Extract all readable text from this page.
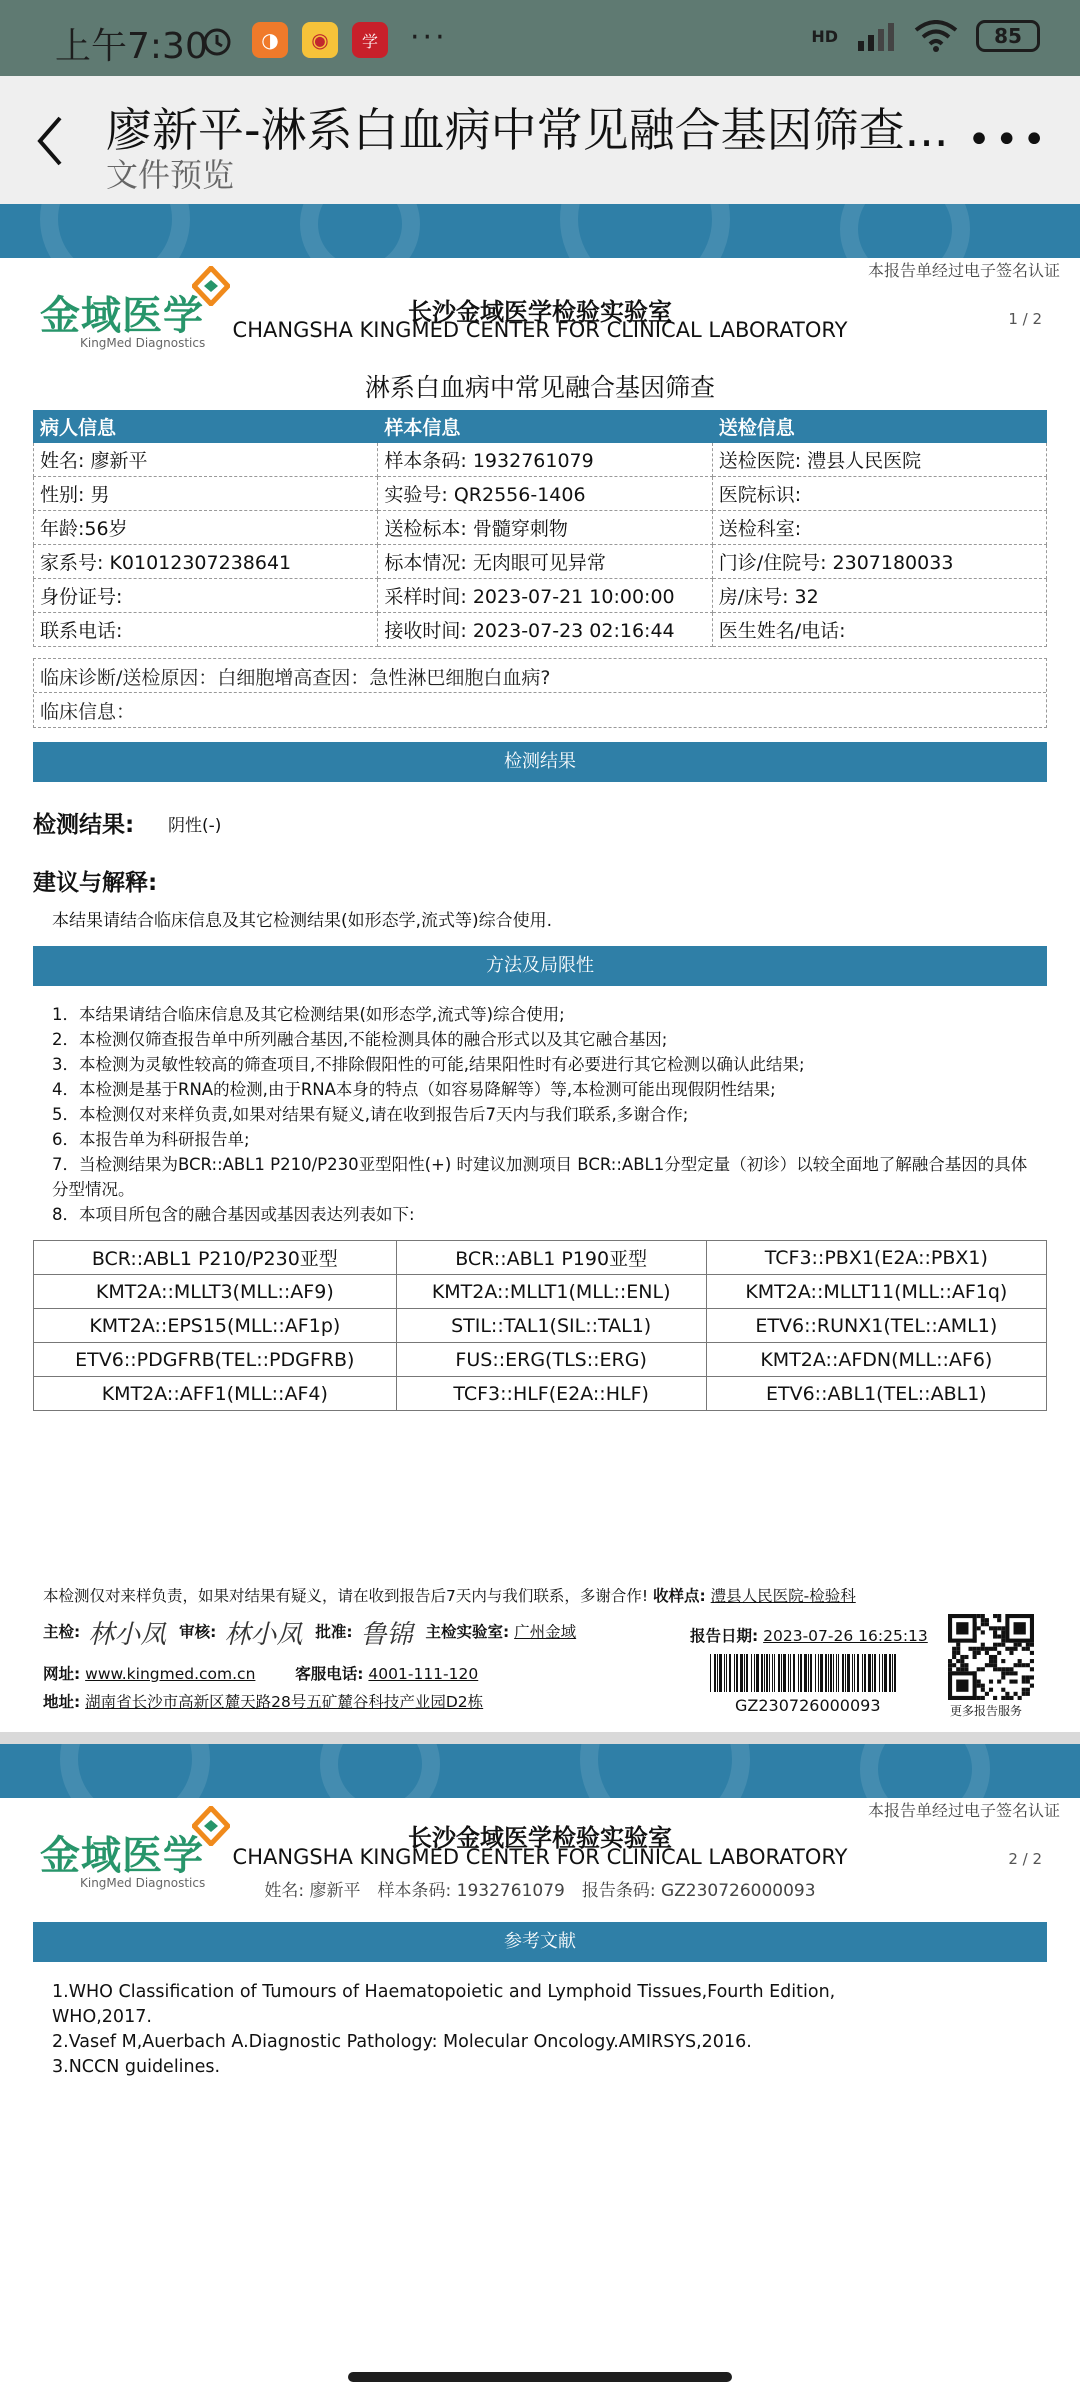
上午7:30	◑	◉	学 ···	HD	85
廖新平-淋系白血病中常见融合基因筛查...
文件预览
•••
本报告单经过电子签名认证
金域医学
KingMed Diagnostics
长沙金域医学检验实验室
CHANGSHA KINGMED CENTER FOR CLINICAL LABORATORY	1 / 2
淋系白血病中常见融合基因筛查
病人信息	样本信息	送检信息
姓名: 廖新平	样本条码: 1932761079	送检医院: 澧县人民医院
性别: 男	实验号: QR2556-1406	医院标识:
年龄:56岁	送检标本: 骨髓穿刺物	送检科室:
家系号: K01012307238641	标本情况: 无肉眼可见异常	门诊/住院号: 2307180033
身份证号:	采样时间: 2023-07-21 10:00:00	房/床号: 32
联系电话:	接收时间: 2023-07-23 02:16:44	医生姓名/电话:
临床诊断/送检原因：白细胞增高查因：急性淋巴细胞白血病?
临床信息：
检测结果
检测结果: 阴性(-)
建议与解释:
本结果请结合临床信息及其它检测结果(如形态学,流式等)综合使用.
方法及局限性
1．本结果请结合临床信息及其它检测结果(如形态学,流式等)综合使用;
2．本检测仅筛查报告单中所列融合基因,不能检测具体的融合形式以及其它融合基因;
3．本检测为灵敏性较高的筛查项目,不排除假阳性的可能,结果阳性时有必要进行其它检测以确认此结果;
4．本检测是基于RNA的检测,由于RNA本身的特点（如容易降解等）等,本检测可能出现假阴性结果;
5．本检测仅对来样负责,如果对结果有疑义,请在收到报告后7天内与我们联系,多谢合作;
6．本报告单为科研报告单;
7．当检测结果为BCR::ABL1 P210/P230亚型阳性(+) 时建议加测项目 BCR::ABL1分型定量（初诊）以较全面地了解融合基因的具体分型情况。
8．本项目所包含的融合基因或基因表达列表如下:
BCR::ABL1 P210/P230亚型	BCR::ABL1 P190亚型	TCF3::PBX1(E2A::PBX1)
KMT2A::MLLT3(MLL::AF9)	KMT2A::MLLT1(MLL::ENL)	KMT2A::MLLT11(MLL::AF1q)
KMT2A::EPS15(MLL::AF1p)	STIL::TAL1(SIL::TAL1)	ETV6::RUNX1(TEL::AML1)
ETV6::PDGFRB(TEL::PDGFRB)	FUS::ERG(TLS::ERG)	KMT2A::AFDN(MLL::AF6)
KMT2A::AFF1(MLL::AF4)	TCF3::HLF(E2A::HLF)	ETV6::ABL1(TEL::ABL1)
本检测仅对来样负责，如果对结果有疑义，请在收到报告后7天内与我们联系，多谢合作! 收样点: 澧县人民医院-检验科
主检: 林小凤 审核: 林小凤 批准: 鲁锦 主检实验室: 广州金域	报告日期: 2023-07-26 16:25:13
网址: www.kingmed.com.cn	客服电话: 4001-111-120
地址: 湖南省长沙市高新区麓天路28号五矿麓谷科技产业园D2栋	GZ230726000093	更多报告服务
本报告单经过电子签名认证
金域医学
KingMed Diagnostics
长沙金域医学检验实验室
CHANGSHA KINGMED CENTER FOR CLINICAL LABORATORY	2 / 2
姓名: 廖新平　样本条码: 1932761079　报告条码: GZ230726000093
参考文献
1.WHO Classification of Tumours of Haematopoietic and Lymphoid Tissues,Fourth Edition,
WHO,2017.
2.Vasef M,Auerbach A.Diagnostic Pathology: Molecular Oncology.AMIRSYS,2016.
3.NCCN guidelines.
